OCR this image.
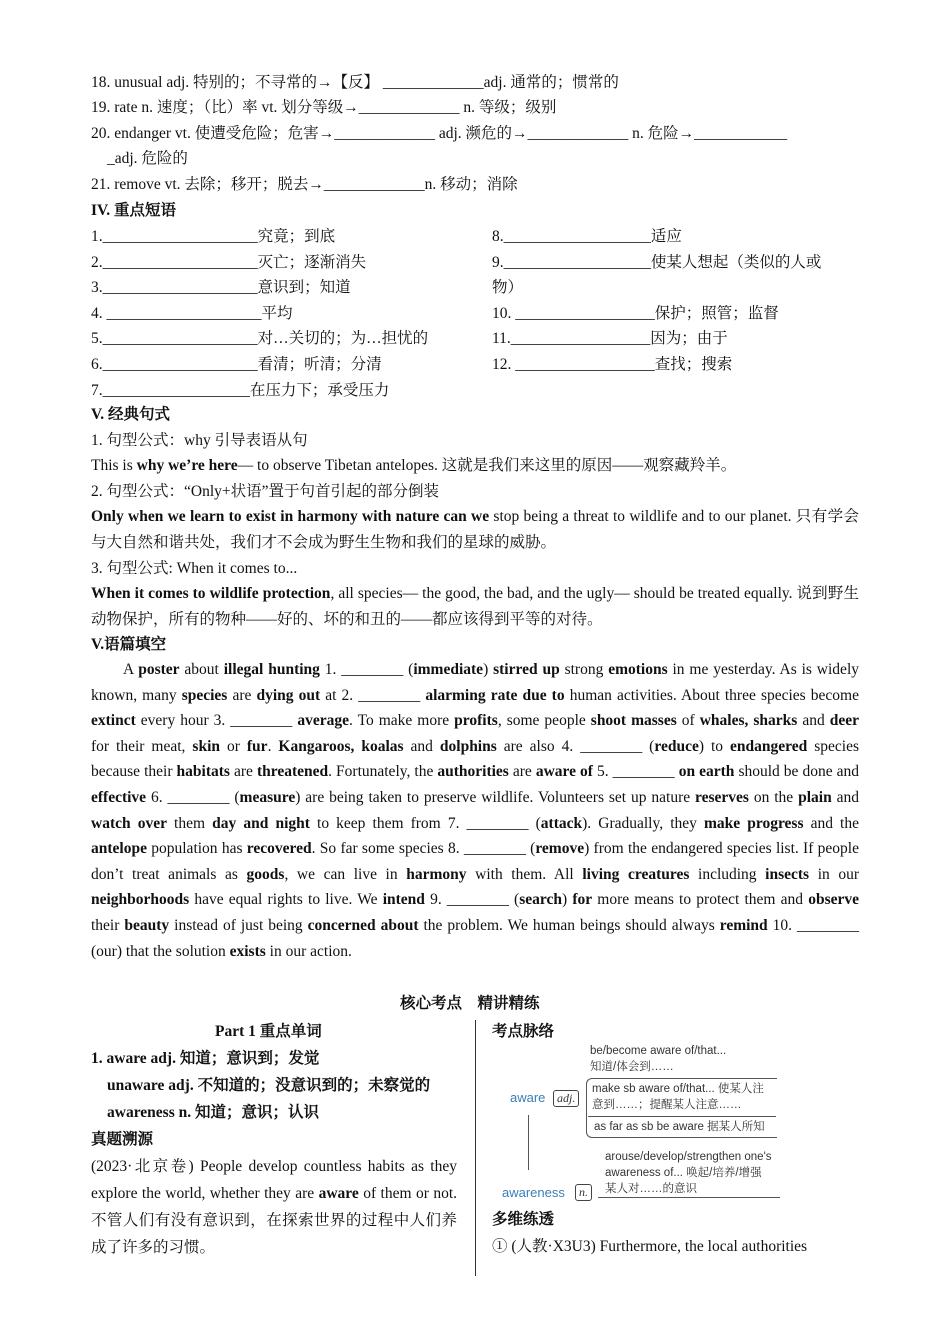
18. unusual adj. 特别的；不寻常的→【反】 _____________adj. 通常的；惯常的
19. rate n. 速度；（比）率 vt. 划分等级→_____________ n. 等级；级别
20. endanger vt. 使遭受危险；危害→_____________ adj. 濒危的→_____________ n. 危险→____________
_adj. 危险的
21. remove vt. 去除；移开；脱去→_____________n. 移动；消除
IV. 重点短语
1.____________________究竟；到底
2.____________________灭亡；逐渐消失
3.____________________意识到；知道
4. ____________________平均
5.____________________对…关切的；为…担忧的
6.____________________看清；听清；分清
7.___________________在压力下；承受压力
8.___________________适应
9.___________________使某人想起（类似的人或
物）
10. __________________保护；照管；监督
11.__________________因为；由于
12. __________________查找；搜索
V. 经典句式
1. 句型公式：why 引导表语从句
This is why we’re here— to observe Tibetan antelopes. 这就是我们来这里的原因——观察藏羚羊。
2. 句型公式：“Only+状语”置于句首引起的部分倒装
Only when we learn to exist in harmony with nature can we stop being a threat to wildlife and to our planet. 只有学会与大自然和谐共处，我们才不会成为野生生物和我们的星球的威胁。
3. 句型公式: When it comes to...
When it comes to wildlife protection, all species— the good, the bad, and the ugly— should be treated equally. 说到野生动物保护，所有的物种——好的、坏的和丑的——都应该得到平等的对待。
V.语篇填空
A poster about illegal hunting 1. ________ (immediate) stirred up strong emotions in me yesterday. As is widely known, many species are dying out at 2. ________ alarming rate due to human activities. About three species become extinct every hour 3. ________ average. To make more profits, some people shoot masses of whales, sharks and deer for their meat, skin or fur. Kangaroos, koalas and dolphins are also 4. ________ (reduce) to endangered species because their habitats are threatened. Fortunately, the authorities are aware of 5. ________ on earth should be done and effective 6. ________ (measure) are being taken to preserve wildlife. Volunteers set up nature reserves on the plain and watch over them day and night to keep them from 7. ________ (attack). Gradually, they make progress and the antelope population has recovered. So far some species 8. ________ (remove) from the endangered species list. If people don’t treat animals as goods, we can live in harmony with them. All living creatures including insects in our neighborhoods have equal rights to live. We intend 9. ________ (search) for more means to protect them and observe their beauty instead of just being concerned about the problem. We human beings should always remind 10. ________ (our) that the solution exists in our action.
核心考点　精讲精练
Part 1 重点单词
1. aware adj. 知道；意识到；发觉
unaware adj. 不知道的；没意识到的；未察觉的
awareness n. 知道；意识；认识
真题溯源
(2023·北京卷) People develop countless habits as they explore the world, whether they are aware of them or not. 不管人们有没有意识到，在探索世界的过程中人们养成了许多的习惯。
考点脉络
be/become aware of/that...
知道/体会到……
aware adj.
make sb aware of/that... 使某人注
意到……；提醒某人注意……
as far as sb be aware 据某人所知
arouse/develop/strengthen one's
awareness of... 唤起/培养/增强
某人对……的意识
awareness	n.
多维练透
① (人教·X3U3) Furthermore, the local authorities
